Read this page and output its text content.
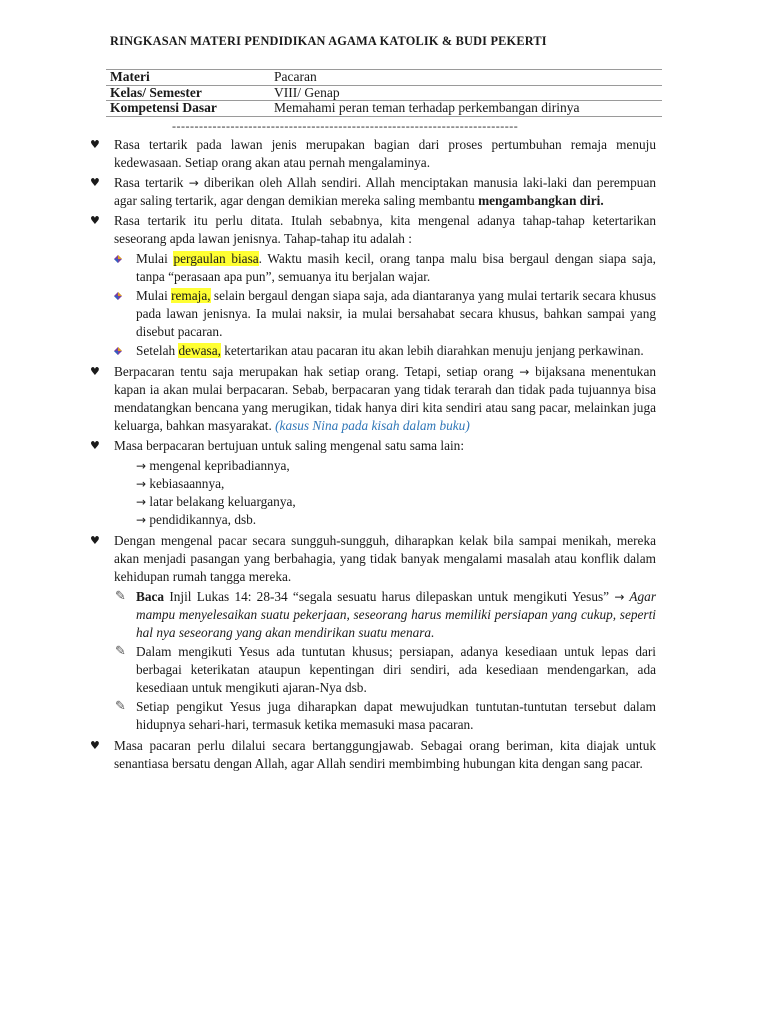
RINGKASAN MATERI PENDIDIKAN AGAMA KATOLIK & BUDI PEKERTI
Materi	Pacaran
Kelas/ Semester	VIII/ Genap
Kompetensi Dasar	Memahami peran teman terhadap perkembangan dirinya
-----------------------------------------------------------------------------
♥ Rasa tertarik pada lawan jenis merupakan bagian dari proses pertumbuhan remaja menuju kedewasaan. Setiap orang akan atau pernah mengalaminya.
♥ Rasa tertarik → diberikan oleh Allah sendiri. Allah menciptakan manusia laki-laki dan perempuan agar saling tertarik, agar dengan demikian mereka saling membantu mengambangkan diri.
♥ Rasa tertarik itu perlu ditata. Itulah sebabnya, kita mengenal adanya tahap-tahap ketertarikan seseorang apda lawan jenisnya. Tahap-tahap itu adalah :
Mulai pergaulan biasa. Waktu masih kecil, orang tanpa malu bisa bergaul dengan siapa saja, tanpa “perasaan apa pun”, semuanya itu berjalan wajar.
Mulai remaja, selain bergaul dengan siapa saja, ada diantaranya yang mulai tertarik secara khusus pada lawan jenisnya. Ia mulai naksir, ia mulai bersahabat secara khusus, bahkan sampai yang disebut pacaran.
Setelah dewasa, ketertarikan atau pacaran itu akan lebih diarahkan menuju jenjang perkawinan.
♥ Berpacaran tentu saja merupakan hak setiap orang. Tetapi, setiap orang → bijaksana menentukan kapan ia akan mulai berpacaran. Sebab, berpacaran yang tidak terarah dan tidak pada tujuannya bisa mendatangkan bencana yang merugikan, tidak hanya diri kita sendiri atau sang pacar, melainkan juga keluarga, bahkan masyarakat. (kasus Nina pada kisah dalam buku)
♥ Masa berpacaran bertujuan untuk saling mengenal satu sama lain:
→ mengenal kepribadiannya,
→ kebiasaannya,
→ latar belakang keluarganya,
→ pendidikannya, dsb.
♥ Dengan mengenal pacar secara sungguh-sungguh, diharapkan kelak bila sampai menikah, mereka akan menjadi pasangan yang berbahagia, yang tidak banyak mengalami masalah atau konflik dalam kehidupan rumah tangga mereka.
✎ Baca Injil Lukas 14: 28-34 “segala sesuatu harus dilepaskan untuk mengikuti Yesus” → Agar mampu menyelesaikan suatu pekerjaan, seseorang harus memiliki persiapan yang cukup, seperti hal nya seseorang yang akan mendirikan suatu menara.
✎ Dalam mengikuti Yesus ada tuntutan khusus; persiapan, adanya kesediaan untuk lepas dari berbagai keterikatan ataupun kepentingan diri sendiri, ada kesediaan mendengarkan, ada kesediaan untuk mengikuti ajaran-Nya dsb.
✎ Setiap pengikut Yesus juga diharapkan dapat mewujudkan tuntutan-tuntutan tersebut dalam hidupnya sehari-hari, termasuk ketika memasuki masa pacaran.
♥ Masa pacaran perlu dilalui secara bertanggungjawab. Sebagai orang beriman, kita diajak untuk senantiasa bersatu dengan Allah, agar Allah sendiri membimbing hubungan kita dengan sang pacar.
